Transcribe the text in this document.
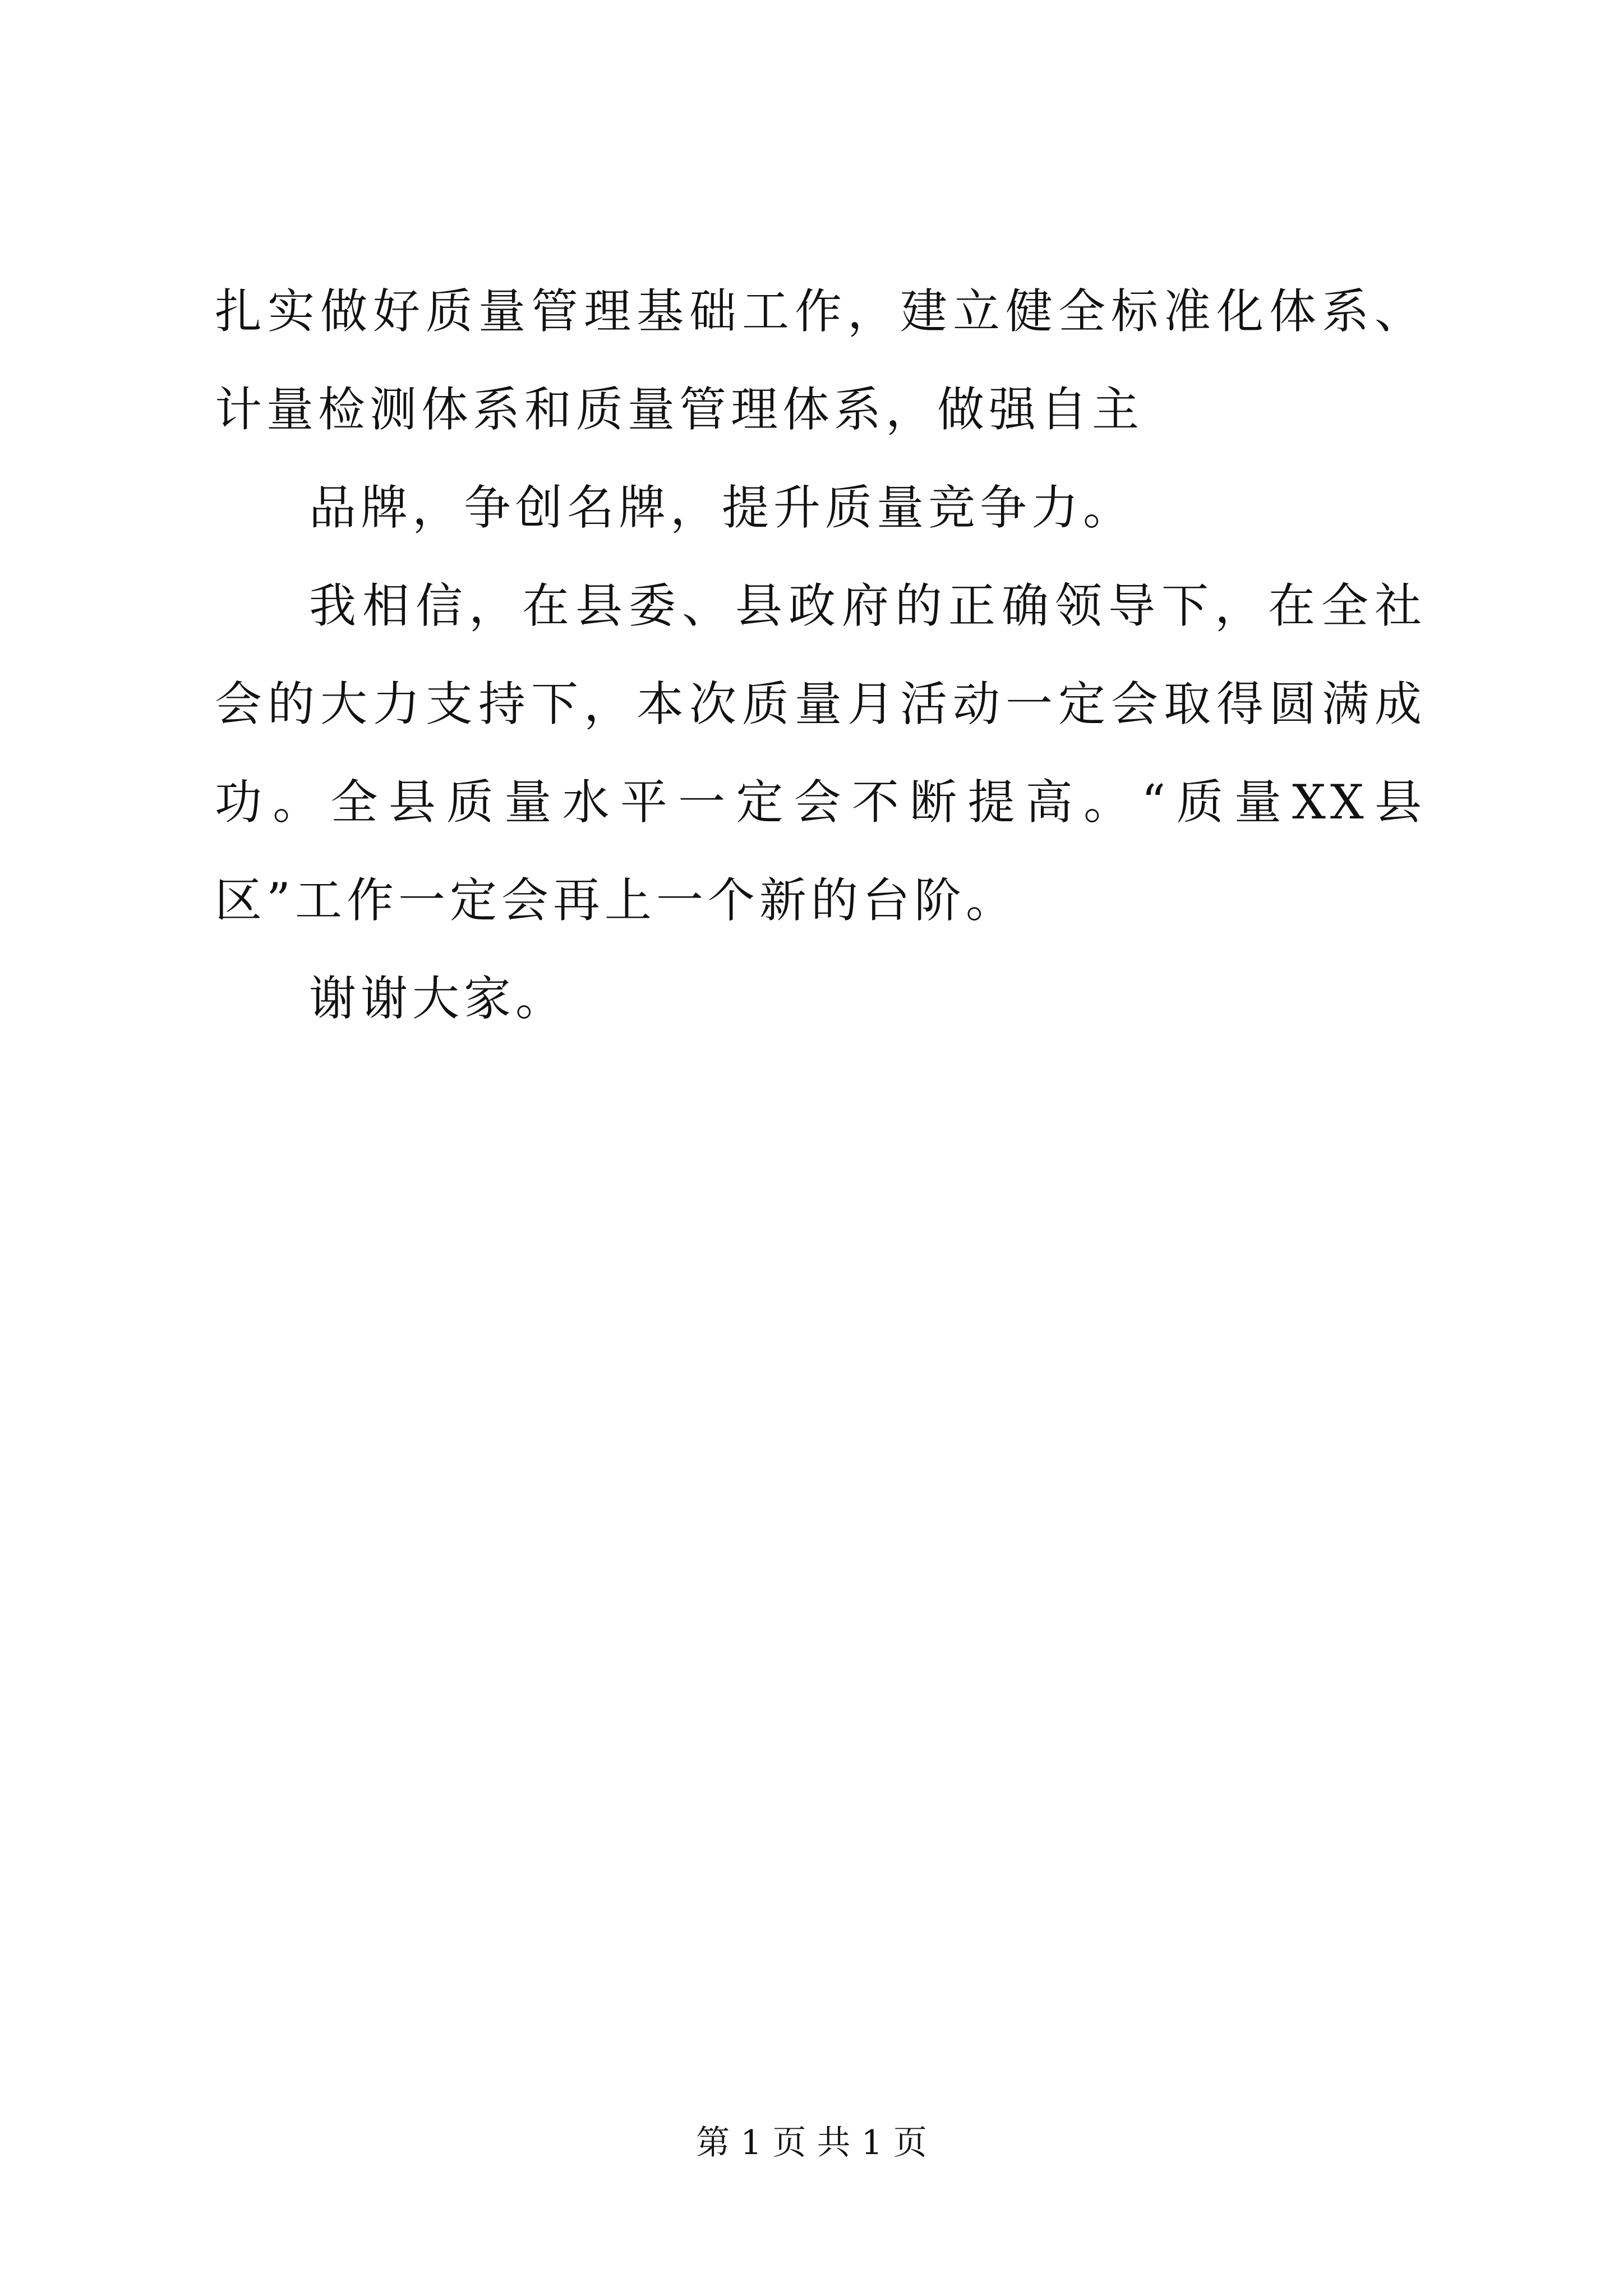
扎实做好质量管理基础工作，建立健全标准化体系、计量检测体系和质量管理体系，做强自主

品牌，争创名牌，提升质量竞争力。

我相信，在县委、县政府的正确领导下，在全社会的大力支持下，本次质量月活动一定会取得圆满成功。全县质量水平一定会不断提高。“质量XX县区”工作一定会再上一个新的台阶。

谢谢大家。

第 1 页 共 1 页
